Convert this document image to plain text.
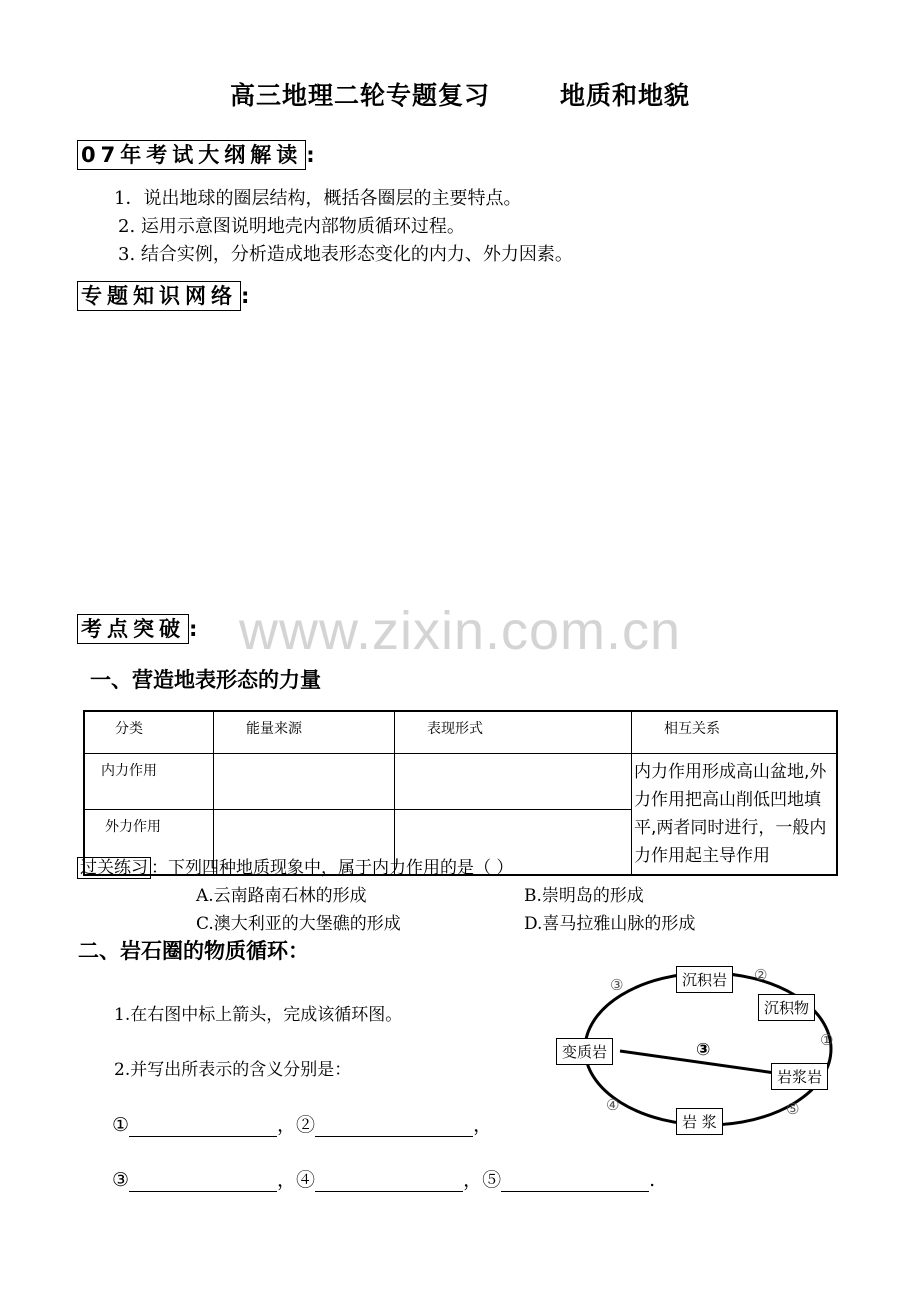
高三地理二轮专题复习	地质和地貌
07年考试大纲解读 :
1．说出地球的圈层结构，概括各圈层的主要特点。
2. 运用示意图说明地壳内部物质循环过程。
3. 结合实例，分析造成地表形态变化的内力、外力因素。
专题知识网络 :
www.zixin.com.cn
考点突破 :
一、营造地表形态的力量
分类	能量来源	表现形式	相互关系
内力作用			内力作用形成高山盆地,外力作用把高山削低凹地填平,两者同时进行，一般内力作用起主导作用
外力作用			
过关练习 ：下列四种地质现象中，属于内力作用的是（ ）
A.云南路南石林的形成	B.崇明岛的形成
C.澳大利亚的大堡礁的形成	D.喜马拉雅山脉的形成
二、岩石圈的物质循环：
1.在右图中标上箭头，完成该循环图。
2.并写出所表示的含义分别是：
①	，②	，
③	，④	，⑤	.
沉积岩
沉积物
变质岩
岩浆岩
岩 浆
③
②
①
③
④	⑤
